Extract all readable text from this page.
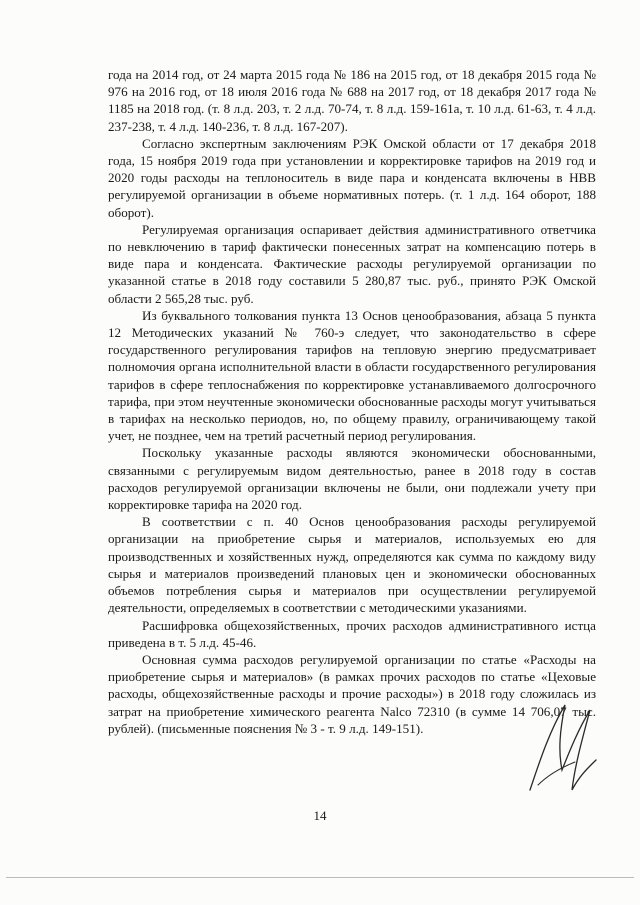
года на 2014 год, от 24 марта 2015 года № 186 на 2015 год, от 18 декабря 2015 года № 976 на 2016 год, от 18 июля 2016 года № 688 на 2017 год, от 18 декабря 2017 года № 1185 на 2018 год. (т. 8 л.д. 203, т. 2 л.д. 70-74, т. 8 л.д. 159-161а, т. 10 л.д. 61-63, т. 4 л.д. 237-238, т. 4 л.д. 140-236, т. 8 л.д. 167-207).

Согласно экспертным заключениям РЭК Омской области от 17 декабря 2018 года, 15 ноября 2019 года при установлении и корректировке тарифов на 2019 год и 2020 годы расходы на теплоноситель в виде пара и конденсата включены в НВВ регулируемой организации в объеме нормативных потерь. (т. 1 л.д. 164 оборот, 188 оборот).

Регулируемая организация оспаривает действия административного ответчика по невключению в тариф фактически понесенных затрат на компенсацию потерь в виде пара и конденсата. Фактические расходы регулируемой организации по указанной статье в 2018 году составили 5 280,87 тыс. руб., принято РЭК Омской области 2 565,28 тыс. руб.

Из буквального толкования пункта 13 Основ ценообразования, абзаца 5 пункта 12 Методических указаний № 760-э следует, что законодательство в сфере государственного регулирования тарифов на тепловую энергию предусматривает полномочия органа исполнительной власти в области государственного регулирования тарифов в сфере теплоснабжения по корректировке устанавливаемого долгосрочного тарифа, при этом неучтенные экономически обоснованные расходы могут учитываться в тарифах на несколько периодов, но, по общему правилу, ограничивающему такой учет, не позднее, чем на третий расчетный период регулирования.

Поскольку указанные расходы являются экономически обоснованными, связанными с регулируемым видом деятельностью, ранее в 2018 году в состав расходов регулируемой организации включены не были, они подлежали учету при корректировке тарифа на 2020 год.

В соответствии с п. 40 Основ ценообразования расходы регулируемой организации на приобретение сырья и материалов, используемых ею для производственных и хозяйственных нужд, определяются как сумма по каждому виду сырья и материалов произведений плановых цен и экономически обоснованных объемов потребления сырья и материалов при осуществлении регулируемой деятельности, определяемых в соответствии с методическими указаниями.

Расшифровка общехозяйственных, прочих расходов административного истца приведена в т. 5 л.д. 45-46.

Основная сумма расходов регулируемой организации по статье «Расходы на приобретение сырья и материалов» (в рамках прочих расходов по статье «Цеховые расходы, общехозяйственные расходы и прочие расходы») в 2018 году сложилась из затрат на приобретение химического реагента Nalco 72310 (в сумме 14 706,07 тыс. рублей). (письменные пояснения № 3 - т. 9 л.д. 149-151).

14
